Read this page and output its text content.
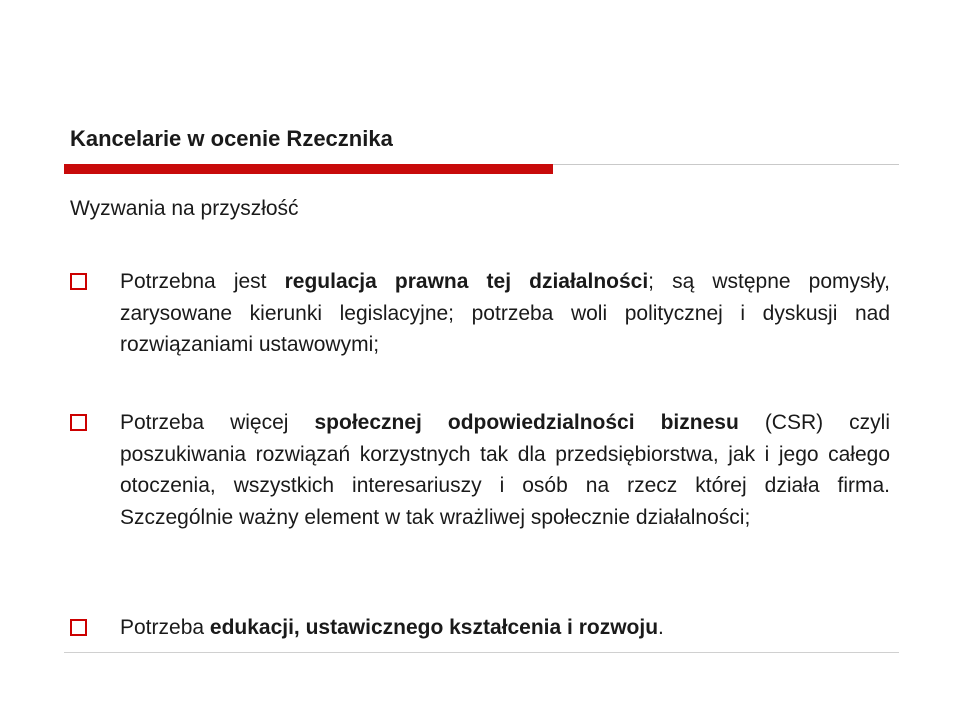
Kancelarie w ocenie Rzecznika
Wyzwania na przyszłość
Potrzebna jest regulacja prawna tej działalności; są wstępne pomysły, zarysowane kierunki legislacyjne; potrzeba woli politycznej i dyskusji nad rozwiązaniami ustawowymi;
Potrzeba więcej społecznej odpowiedzialności biznesu (CSR) czyli poszukiwania rozwiązań korzystnych tak dla przedsiębiorstwa, jak i jego całego otoczenia, wszystkich interesariuszy i osób na rzecz której działa firma. Szczególnie ważny element w tak wrażliwej społecznie działalności;
Potrzeba edukacji, ustawicznego kształcenia i rozwoju.
